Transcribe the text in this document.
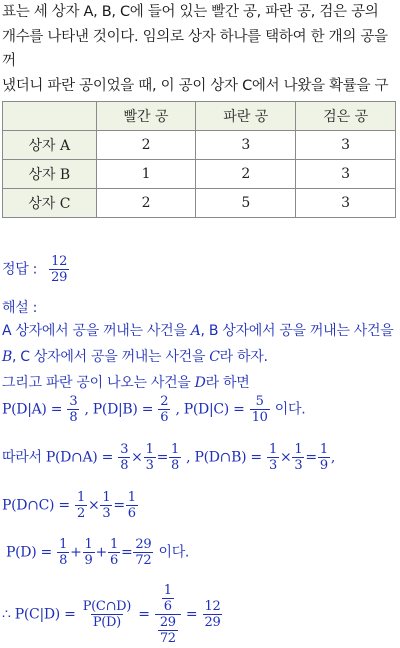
표는 세 상자 A, B, C에 들어 있는 빨간 공, 파란 공, 검은 공의
개수를 나타낸 것이다. 임의로 상자 하나를 택하여 한 개의 공을 꺼
냈더니 파란 공이었을 때, 이 공이 상자 C에서 나왔을 확률을 구
	빨간 공	파란 공	검은 공
상자 A	2	3	3
상자 B	1	2	3
상자 C	2	5	3
정답 : $\frac{12}{29}$
해설 :
A 상자에서 공을 꺼내는 사건을 A, B 상자에서 공을 꺼내는 사건을
B, C 상자에서 공을 꺼내는 사건을 C라 하자.
그리고 파란 공이 나오는 사건을 D라 하면
$P(D|A) = \frac{3}{8}$ , $P(D|B) = \frac{2}{6}$ , $P(D|C) = \frac{5}{10}$ 이다.
따라서 P(D∩A) = $\frac{3}{8} \times \frac{1}{3} = \frac{1}{8}$ , P(D∩B) = $\frac{1}{3} \times \frac{1}{3} = \frac{1}{9}$ ,
P(D∩C) = $\frac{1}{2} \times \frac{1}{3} = \frac{1}{6}$
$P(D) = \frac{1}{8} + \frac{1}{9} + \frac{1}{6} = \frac{29}{72}$ 이다.
∴ $P(C|D) = \frac{P(C\cap D)}{P(D)} = \frac{\frac{1}{6}}{\frac{29}{72}} = \frac{12}{29}$
